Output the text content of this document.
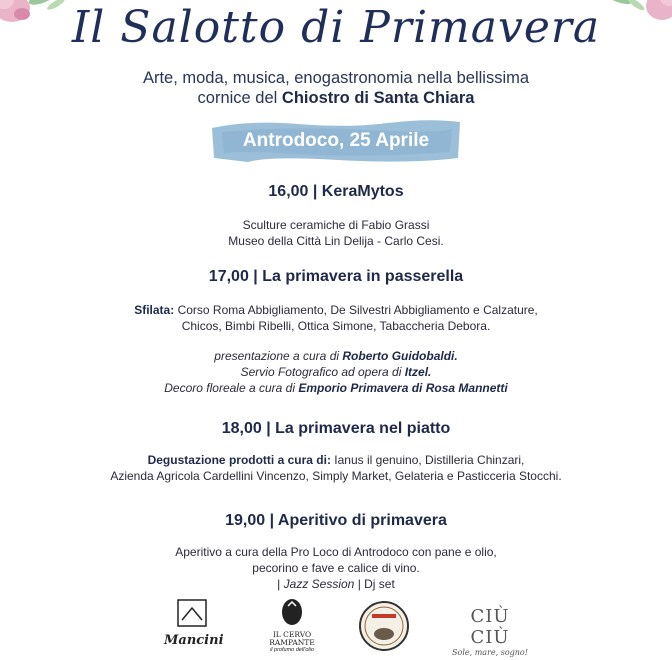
Il Salotto di Primavera
Arte, moda, musica, enogastronomia nella bellissima
cornice del Chiostro di Santa Chiara
Antrodoco, 25 Aprile
16,00 | KeraMytos
Sculture ceramiche di Fabio Grassi
Museo della Città Lin Delija - Carlo Cesi.
17,00 | La primavera in passerella
Sfilata: Corso Roma Abbigliamento, De Silvestri Abbigliamento e Calzature,
Chicos, Bimbi Ribelli, Ottica Simone, Tabaccheria Debora.
presentazione a cura di Roberto Guidobaldi.
Servio Fotografico ad opera di Itzel.
Decoro floreale a cura di Emporio Primavera di Rosa Mannetti
18,00 | La primavera nel piatto
Degustazione prodotti a cura di: Ianus il genuino, Distilleria Chinzari,
Azienda Agricola Cardellini Vincenzo, Simply Market, Gelateria e Pasticceria Stocchi.
19,00 | Aperitivo di primavera
Aperitivo a cura della Pro Loco di Antrodoco con pane e olio,
pecorino e fave e calice di vino.
| Jazz Session | Dj set
Mancini	IL CERVO
RAMPANTE
il profumo dell'olio
CIÙ CIÙ
Sole, mare, sogno!
